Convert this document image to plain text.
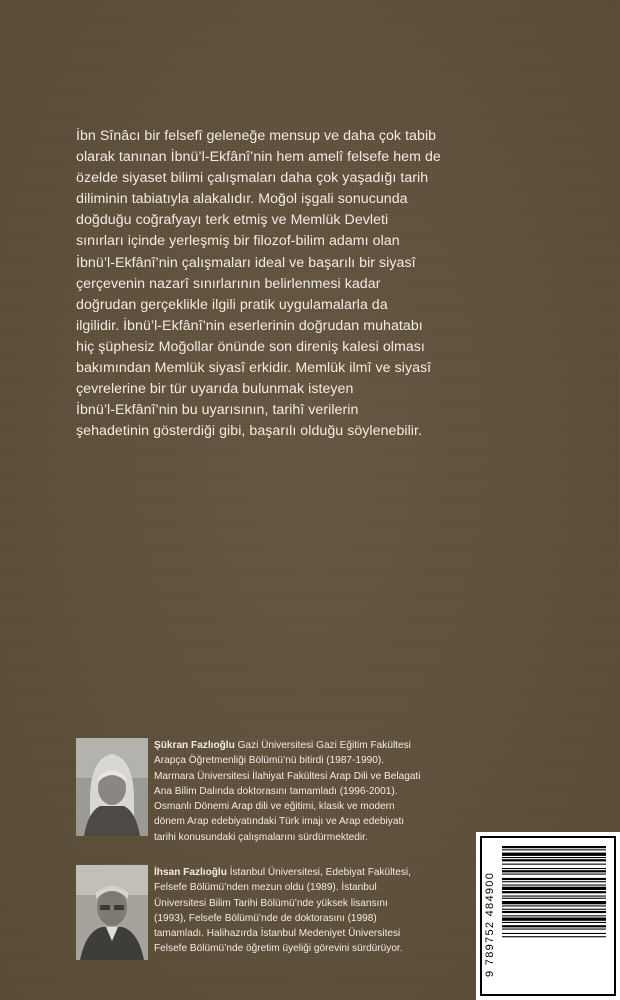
İbn Sînâcı bir felsefî geleneğe mensup ve daha çok tabib

olarak tanınan İbnü’l-Ekfânî’nin hem amelî felsefe hem de

özelde siyaset bilimi çalışmaları daha çok yaşadığı tarih

diliminin tabiatıyla alakalıdır. Moğol işgali sonucunda

doğduğu coğrafyayı terk etmiş ve Memlük Devleti

sınırları içinde yerleşmiş bir filozof-bilim adamı olan

İbnü’l-Ekfânî’nin çalışmaları ideal ve başarılı bir siyasî

çerçevenin nazarî sınırlarının belirlenmesi kadar

doğrudan gerçeklikle ilgili pratik uygulamalarla da

ilgilidir. İbnü’l-Ekfânî’nin eserlerinin doğrudan muhatabı

hiç şüphesiz Moğollar önünde son direniş kalesi olması

bakımından Memlük siyasî erkidir. Memlük ilmî ve siyasî

çevrelerine bir tür uyarıda bulunmak isteyen

İbnü’l-Ekfânî’nin bu uyarısının, tarihî verilerin

şehadetinin gösterdiği gibi, başarılı olduğu söylenebilir.

Şükran Fazlıoğlu Gazi Üniversitesi Gazi Eğitim Fakültesi

Arapça Öğretmenliği Bölümü’nü bitirdi (1987-1990).

Marmara Üniversitesi İlahiyat Fakültesi Arap Dili ve Belagati

Ana Bilim Dalında doktorasını tamamladı (1996-2001).

Osmanlı Dönemi Arap dili ve eğitimi, klasik ve modern

dönem Arap edebiyatındaki Türk imajı ve Arap edebiyatı

tarihi konusundaki çalışmalarını sürdürmektedir.

İhsan Fazlıoğlu İstanbul Üniversitesi, Edebiyat Fakültesi,

Felsefe Bölümü’nden mezun oldu (1989). İstanbul

Üniversitesi Bilim Tarihi Bölümü’nde yüksek lisansını

(1993), Felsefe Bölümü’nde de doktorasını (1998)

tamamladı. Halihazırda İstanbul Medeniyet Üniversitesi

Felsefe Bölümü’nde öğretim üyeliği görevini sürdürüyor.	9 789752 484900
